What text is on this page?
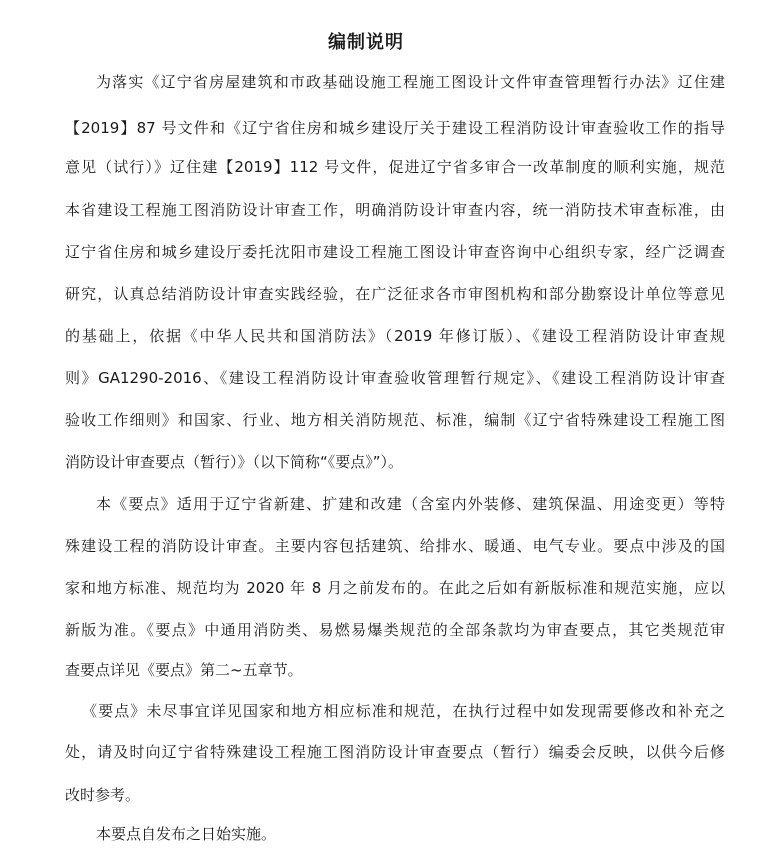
编制说明
为落实《辽宁省房屋建筑和市政基础设施工程施工图设计文件审查管理暂行办法》辽住建
【2019】87 号文件和《辽宁省住房和城乡建设厅关于建设工程消防设计审查验收工作的指导
意见（试行）》辽住建【2019】112 号文件，促进辽宁省多审合一改革制度的顺利实施，规范
本省建设工程施工图消防设计审查工作，明确消防设计审查内容，统一消防技术审查标准，由
辽宁省住房和城乡建设厅委托沈阳市建设工程施工图设计审查咨询中心组织专家，经广泛调查
研究，认真总结消防设计审查实践经验，在广泛征求各市审图机构和部分勘察设计单位等意见
的基础上，依据《中华人民共和国消防法》（2019 年修订版）、《建设工程消防设计审查规
则》GA1290-2016、《建设工程消防设计审查验收管理暂行规定》、《建设工程消防设计审查
验收工作细则》和国家、行业、地方相关消防规范、标准，编制《辽宁省特殊建设工程施工图
消防设计审查要点（暂行）》（以下简称“《要点》”）。
本《要点》适用于辽宁省新建、扩建和改建（含室内外装修、建筑保温、用途变更）等特
殊建设工程的消防设计审查。主要内容包括建筑、给排水、暖通、电气专业。要点中涉及的国
家和地方标准、规范均为 2020 年 8 月之前发布的。在此之后如有新版标准和规范实施，应以
新版为准。《要点》中通用消防类、易燃易爆类规范的全部条款均为审查要点，其它类规范审
查要点详见《要点》第二~五章节。
《要点》未尽事宜详见国家和地方相应标准和规范，在执行过程中如发现需要修改和补充之
处，请及时向辽宁省特殊建设工程施工图消防设计审查要点（暂行）编委会反映，以供今后修
改时参考。
本要点自发布之日始实施。
